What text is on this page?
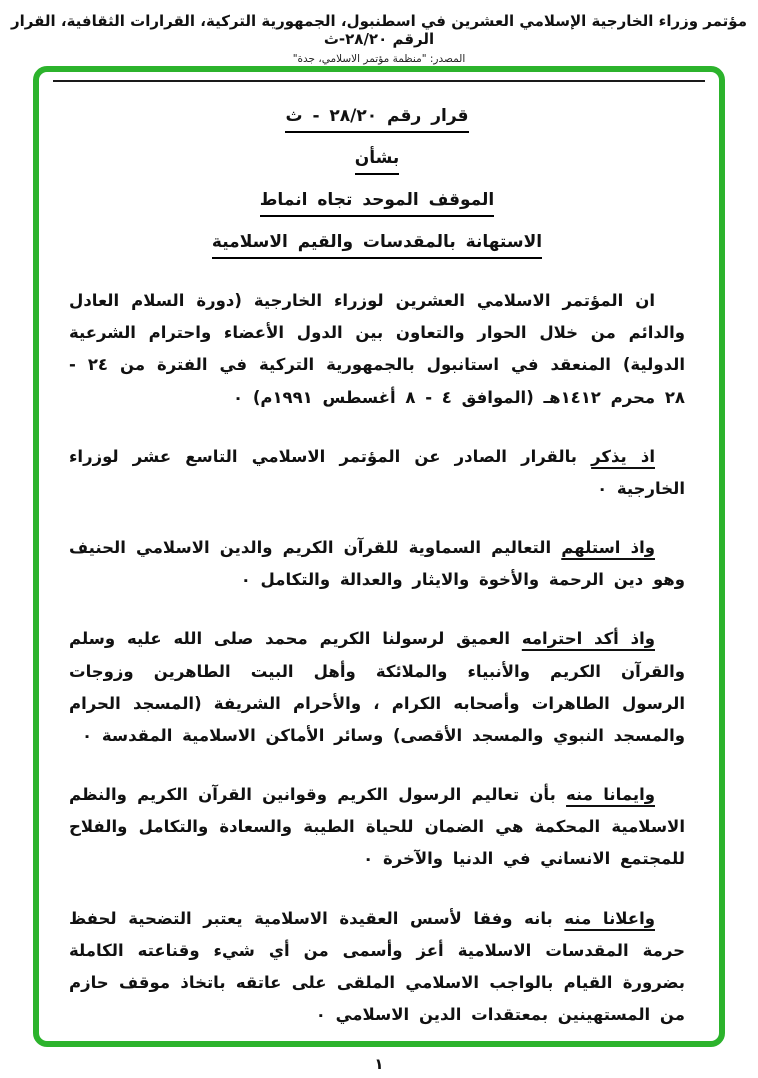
مؤتمر وزراء الخارجية الإسلامي العشرين في اسطنبول، الجمهورية التركية، القرارات الثقافية، القرار الرقم ٢٨/٢٠-ث
المصدر: "منظمة مؤتمر الاسلامي، جدة"
قرار رقم ٢٨/٢٠ - ث
بشأن
الموقف الموحد تجاه انماط
الاستهانة بالمقدسات والقيم الاسلامية

ان المؤتمر الاسلامي العشرين لوزراء الخارجية (دورة السلام العادل والدائم من خلال الحوار والتعاون بين الدول الأعضاء واحترام الشرعية الدولية) المنعقد في استانبول بالجمهورية التركية في الفترة من ٢٤ - ٢٨ محرم ١٤١٢هـ (الموافق ٤ - ٨ أغسطس ١٩٩١م) ٠

اذ يذكر بالقرار الصادر عن المؤتمر الاسلامي التاسع عشر لوزراء الخارجية ٠

واذ استلهم التعاليم السماوية للقرآن الكريم والدين الاسلامي الحنيف وهو دين الرحمة والأخوة والايثار والعدالة والتكامل ٠

واذ أكد احترامه العميق لرسولنا الكريم محمد صلى الله عليه وسلم والقرآن الكريم والأنبياء والملائكة وأهل البيت الطاهرين وزوجات الرسول الطاهرات وأصحابه الكرام ، والأحرام الشريفة (المسجد الحرام والمسجد النبوي والمسجد الأقصى) وسائر الأماكن الاسلامية المقدسة ٠

وايمانا منه بأن تعاليم الرسول الكريم وقوانين القرآن الكريم والنظم الاسلامية المحكمة هي الضمان للحياة الطيبة والسعادة والتكامل والفلاح للمجتمع الانساني في الدنيا والآخرة ٠

واعلانا منه بانه وفقا لأسس العقيدة الاسلامية يعتبر التضحية لحفظ حرمة المقدسات الاسلامية أعز وأسمى من أي شيء وقناعته الكاملة بضرورة القيام بالواجب الاسلامي الملقى على عاتقه باتخاذ موقف حازم من المستهينين بمعتقدات الدين الاسلامي ٠

١
